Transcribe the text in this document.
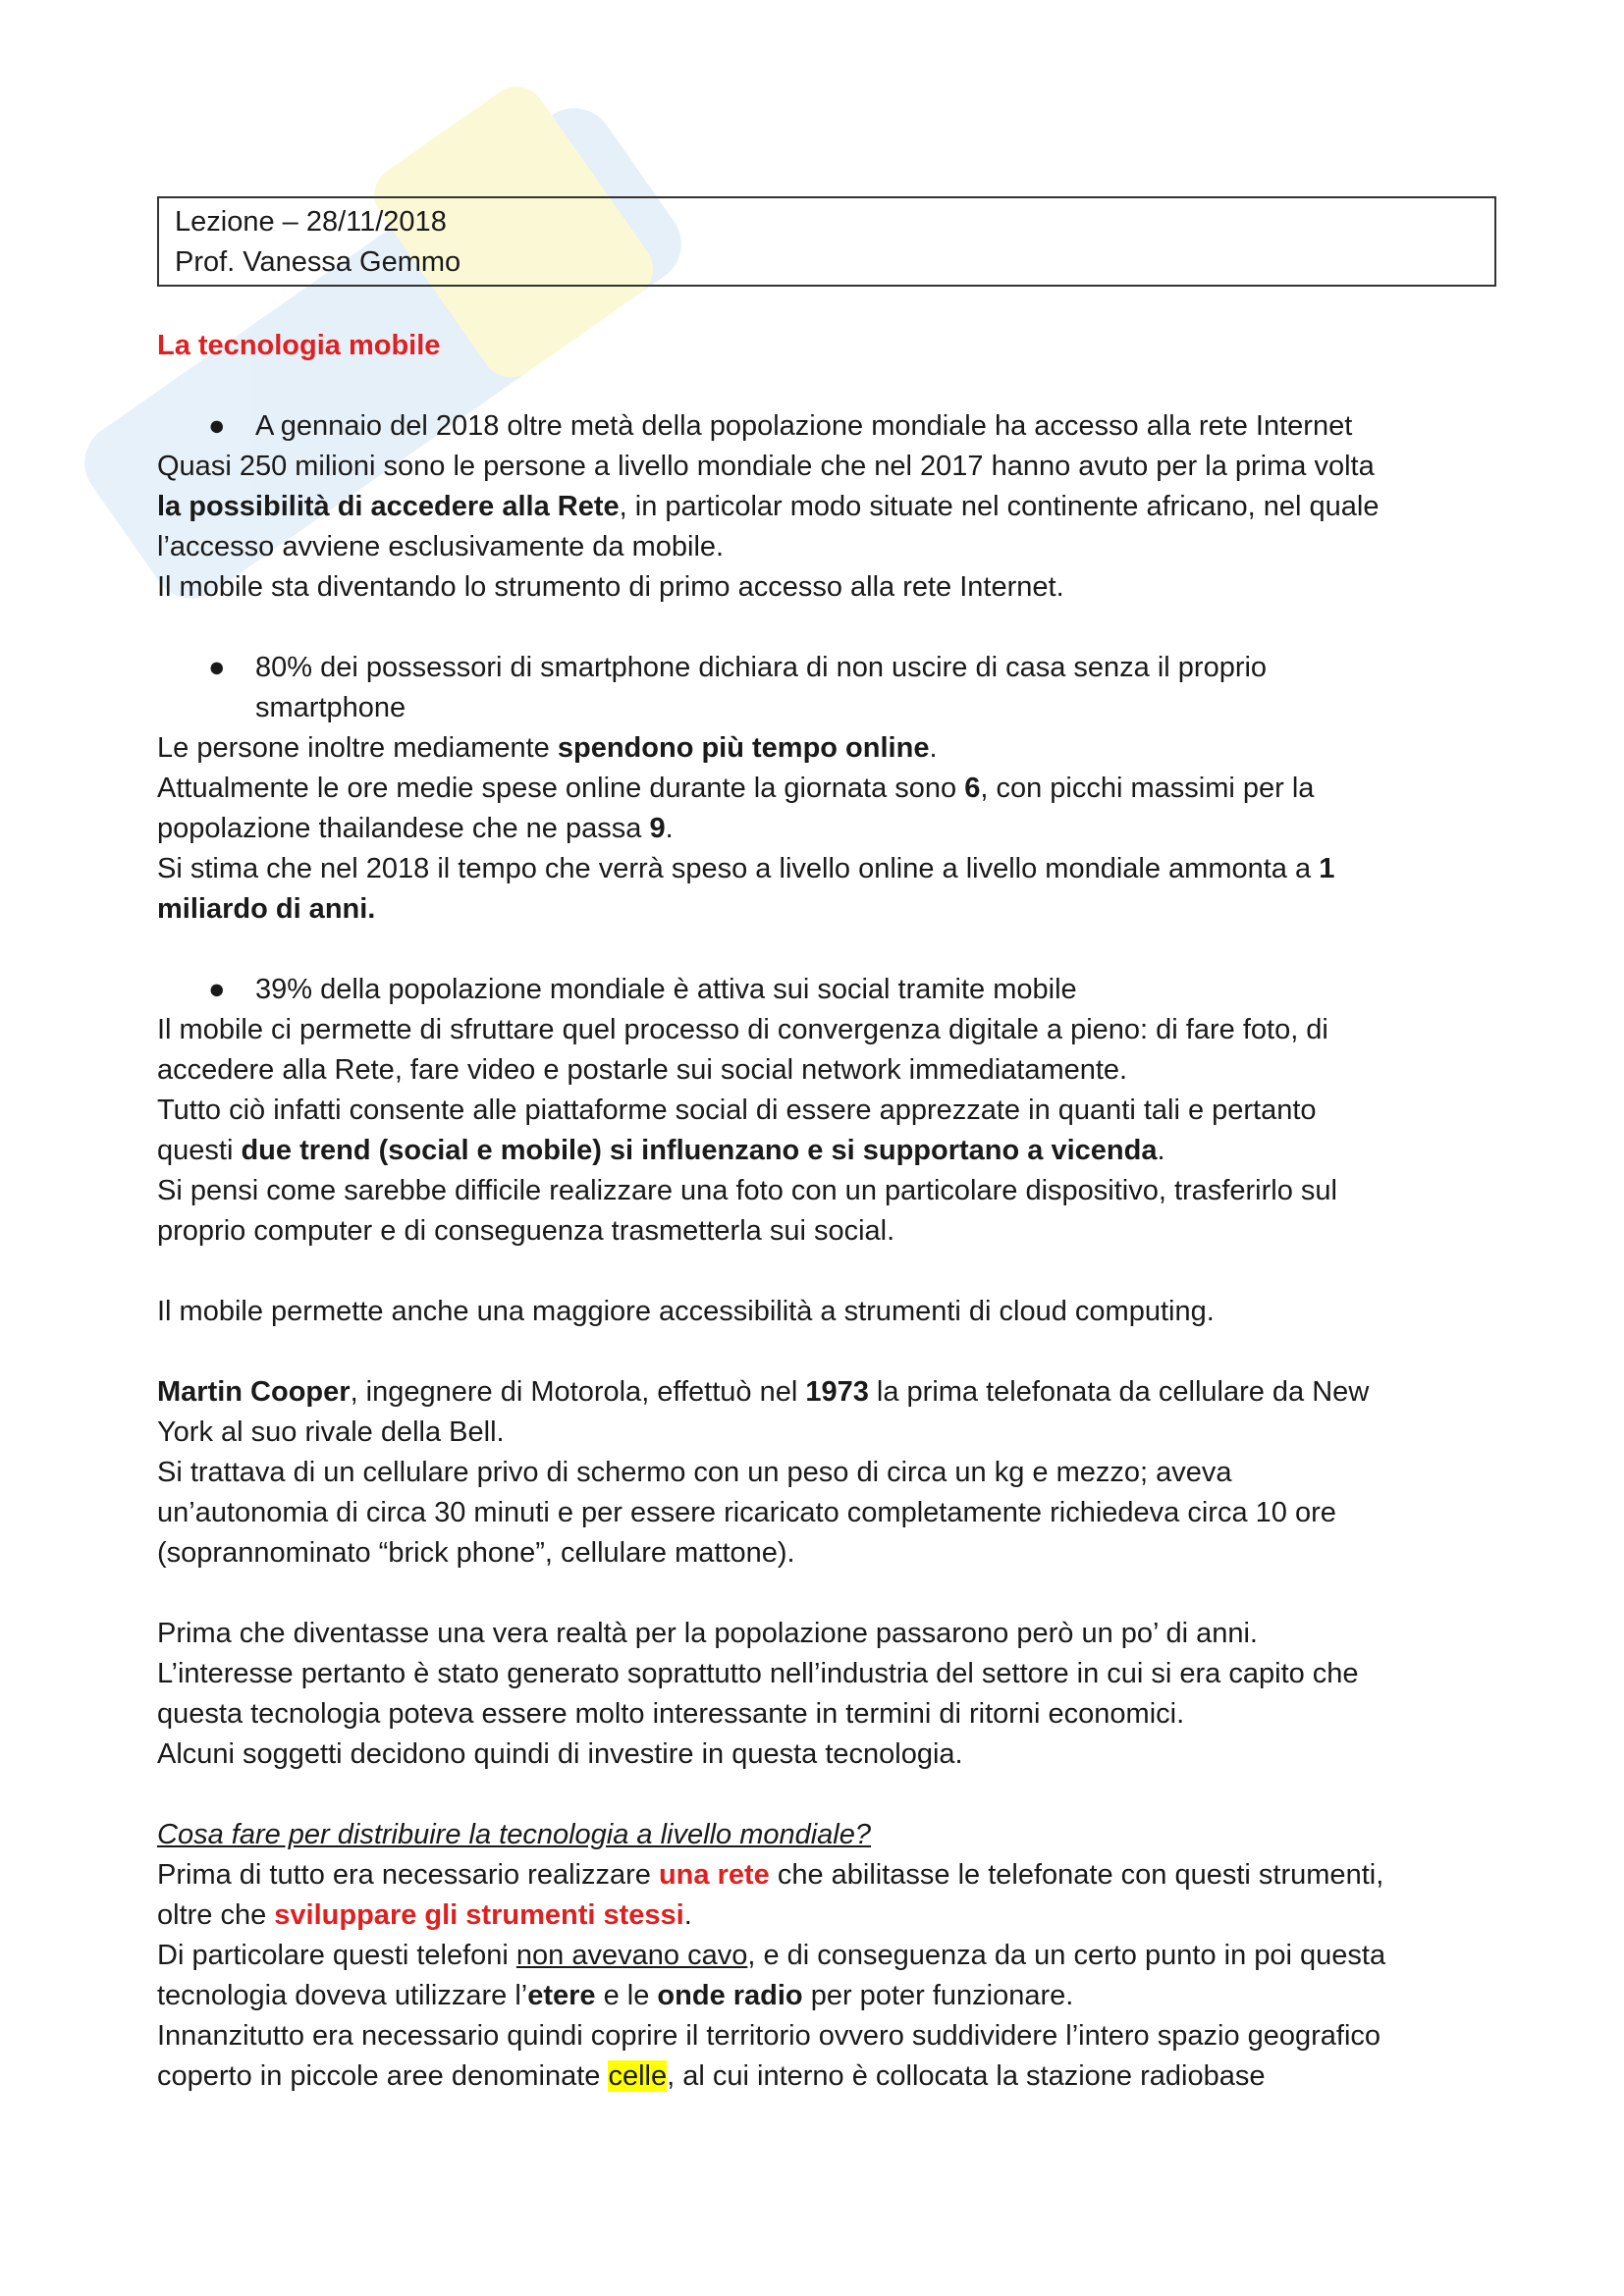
Lezione – 28/11/2018
Prof. Vanessa Gemmo
La tecnologia mobile
● A gennaio del 2018 oltre metà della popolazione mondiale ha accesso alla rete Internet

Quasi 250 milioni sono le persone a livello mondiale che nel 2017 hanno avuto per la prima volta

la possibilità di accedere alla Rete, in particolar modo situate nel continente africano, nel quale

l’accesso avviene esclusivamente da mobile.

Il mobile sta diventando lo strumento di primo accesso alla rete Internet.

● 80% dei possessori di smartphone dichiara di non uscire di casa senza il proprio
smartphone

Le persone inoltre mediamente spendono più tempo online.

Attualmente le ore medie spese online durante la giornata sono 6, con picchi massimi per la

popolazione thailandese che ne passa 9.

Si stima che nel 2018 il tempo che verrà speso a livello online a livello mondiale ammonta a 1

miliardo di anni.

● 39% della popolazione mondiale è attiva sui social tramite mobile

Il mobile ci permette di sfruttare quel processo di convergenza digitale a pieno: di fare foto, di

accedere alla Rete, fare video e postarle sui social network immediatamente.

Tutto ciò infatti consente alle piattaforme social di essere apprezzate in quanti tali e pertanto

questi due trend (social e mobile) si influenzano e si supportano a vicenda.

Si pensi come sarebbe difficile realizzare una foto con un particolare dispositivo, trasferirlo sul

proprio computer e di conseguenza trasmetterla sui social.

Il mobile permette anche una maggiore accessibilità a strumenti di cloud computing.

Martin Cooper, ingegnere di Motorola, effettuò nel 1973 la prima telefonata da cellulare da New

York al suo rivale della Bell.

Si trattava di un cellulare privo di schermo con un peso di circa un kg e mezzo; aveva

un’autonomia di circa 30 minuti e per essere ricaricato completamente richiedeva circa 10 ore

(soprannominato “brick phone”, cellulare mattone).

Prima che diventasse una vera realtà per la popolazione passarono però un po’ di anni.

L’interesse pertanto è stato generato soprattutto nell’industria del settore in cui si era capito che

questa tecnologia poteva essere molto interessante in termini di ritorni economici.

Alcuni soggetti decidono quindi di investire in questa tecnologia.

Cosa fare per distribuire la tecnologia a livello mondiale?

Prima di tutto era necessario realizzare una rete che abilitasse le telefonate con questi strumenti,

oltre che sviluppare gli strumenti stessi.

Di particolare questi telefoni non avevano cavo, e di conseguenza da un certo punto in poi questa

tecnologia doveva utilizzare l’etere e le onde radio per poter funzionare.

Innanzitutto era necessario quindi coprire il territorio ovvero suddividere l’intero spazio geografico

coperto in piccole aree denominate celle, al cui interno è collocata la stazione radiobase
